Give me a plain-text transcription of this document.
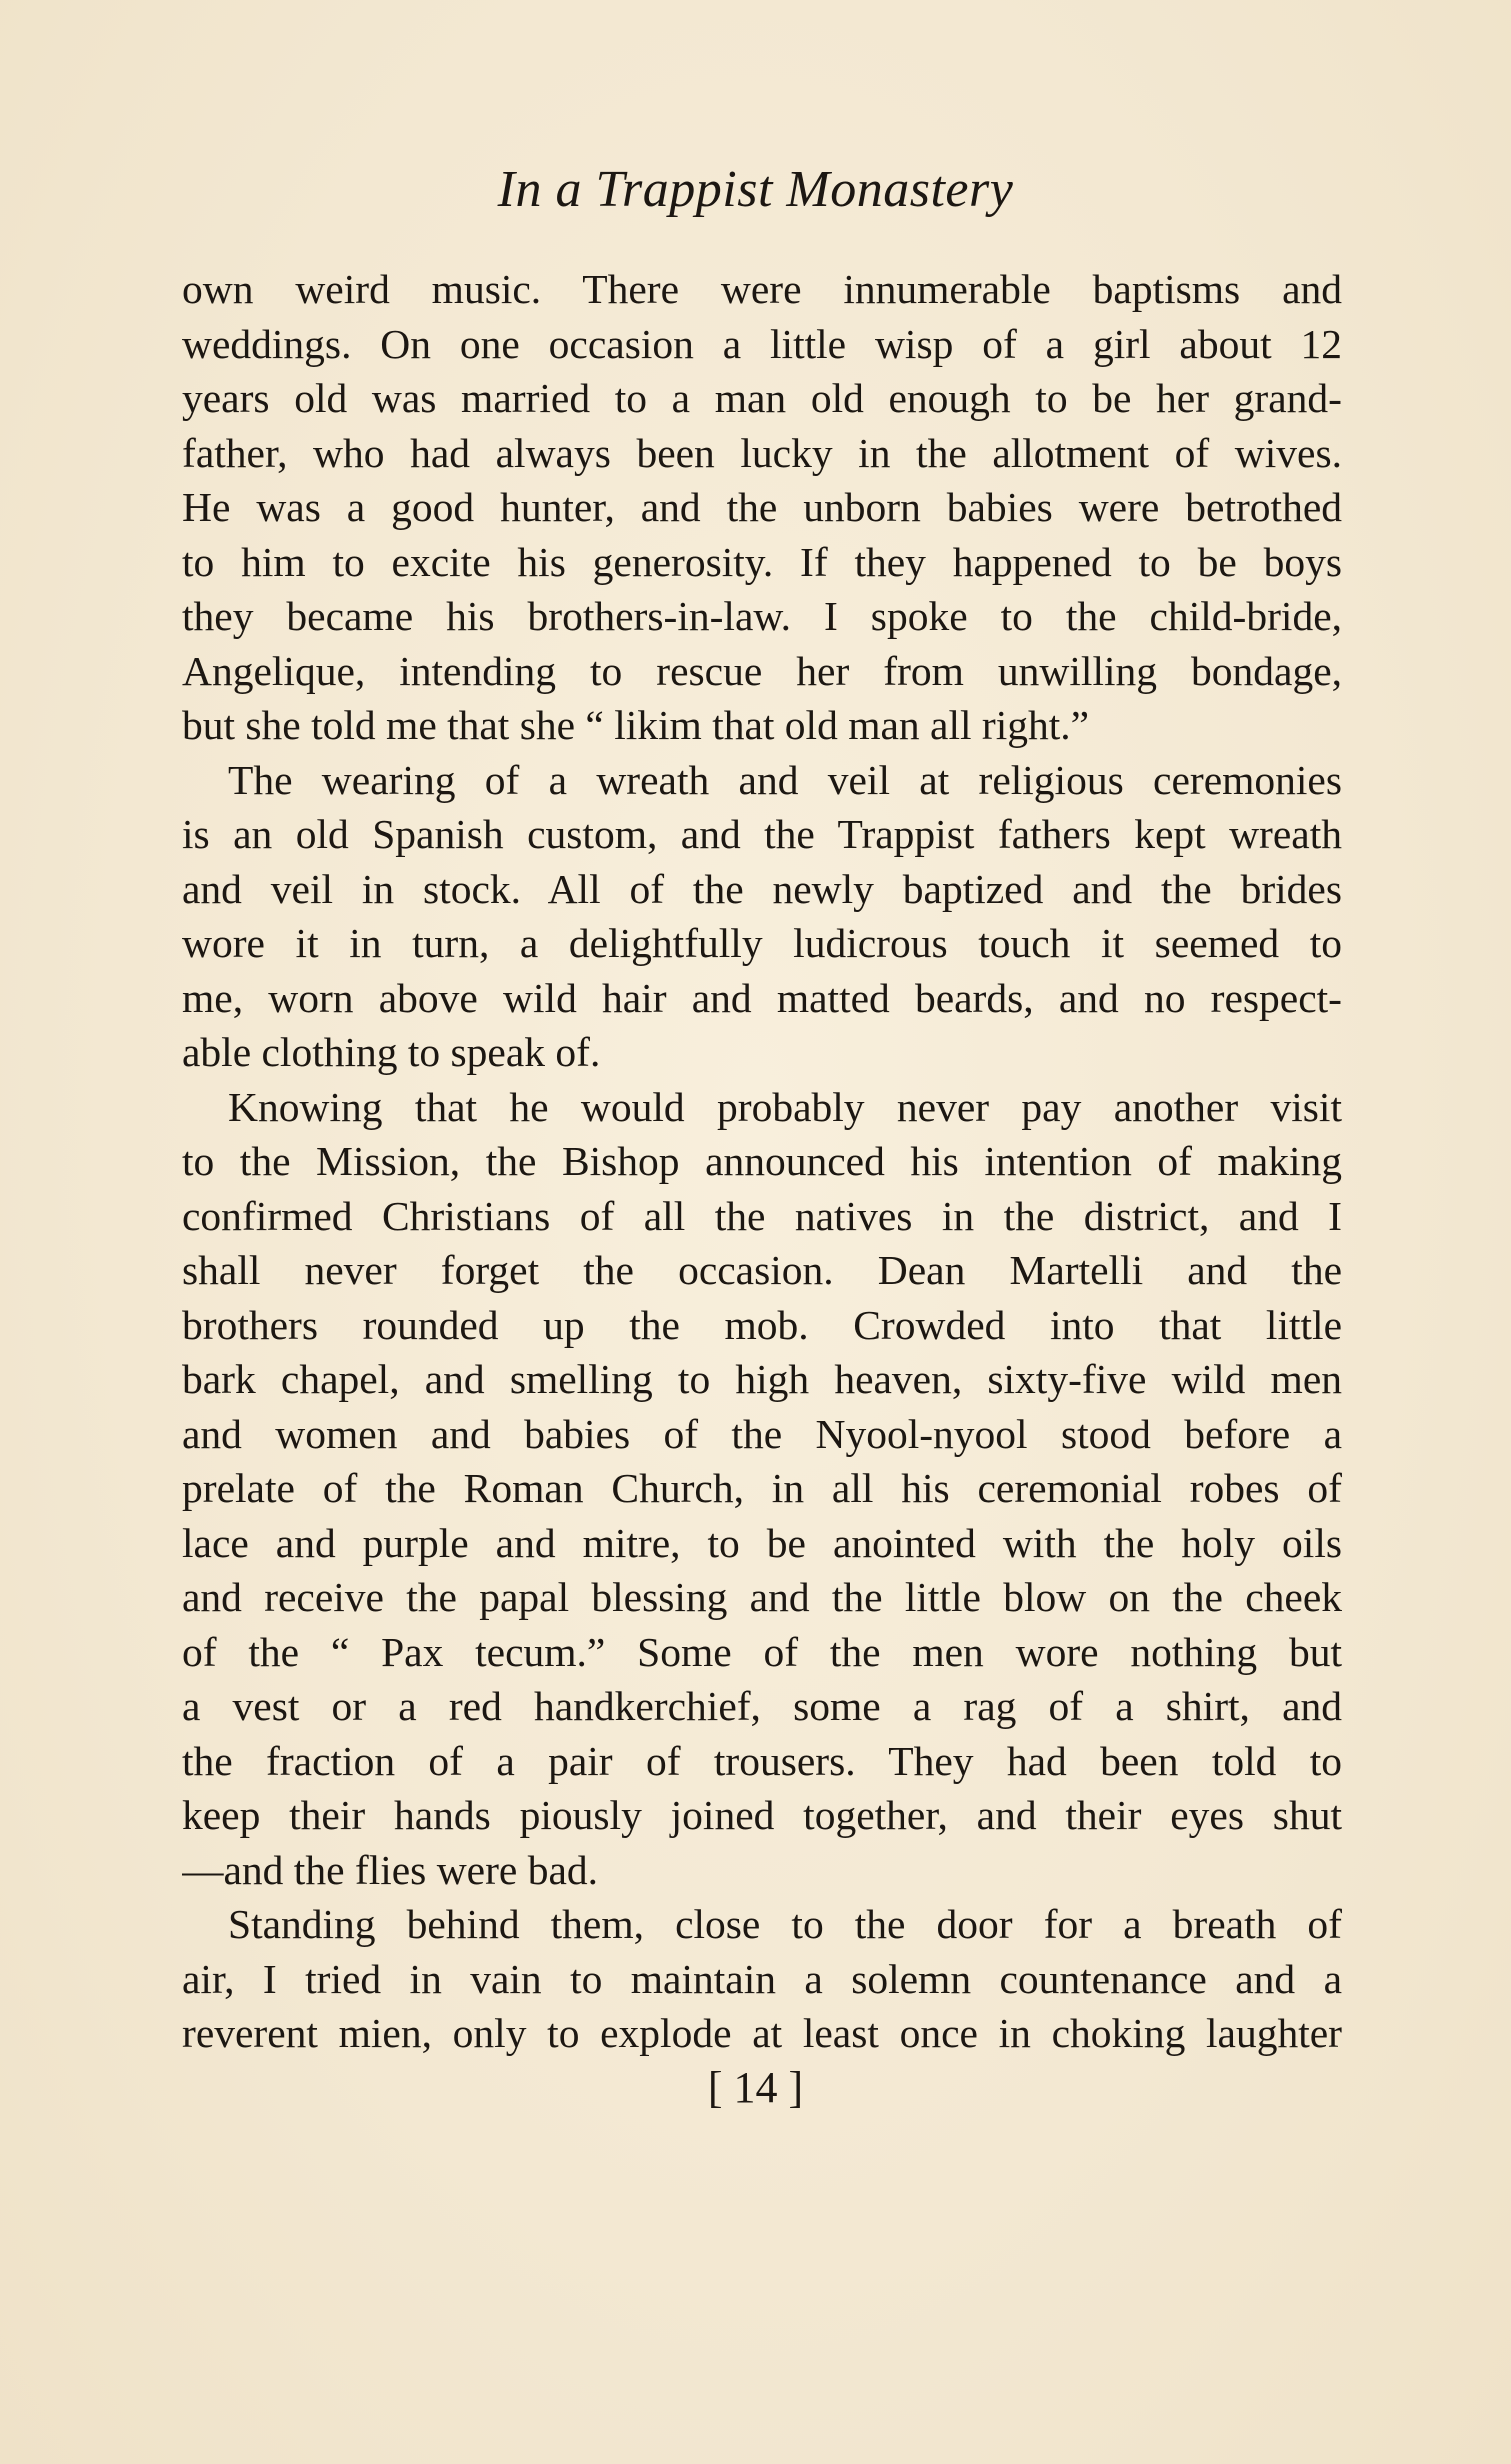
In a Trappist Monastery
own weird music. There were innumerable baptisms and
weddings. On one occasion a little wisp of a girl about 12
years old was married to a man old enough to be her grand-
father, who had always been lucky in the allotment of wives.
He was a good hunter, and the unborn babies were betrothed
to him to excite his generosity. If they happened to be boys
they became his brothers-in-law. I spoke to the child-bride,
Angelique, intending to rescue her from unwilling bondage,
but she told me that she “ likim that old man all right.”
The wearing of a wreath and veil at religious ceremonies
is an old Spanish custom, and the Trappist fathers kept wreath
and veil in stock. All of the newly baptized and the brides
wore it in turn, a delightfully ludicrous touch it seemed to
me, worn above wild hair and matted beards, and no respect-
able clothing to speak of.
Knowing that he would probably never pay another visit
to the Mission, the Bishop announced his intention of making
confirmed Christians of all the natives in the district, and I
shall never forget the occasion. Dean Martelli and the
brothers rounded up the mob. Crowded into that little
bark chapel, and smelling to high heaven, sixty-five wild men
and women and babies of the Nyool-nyool stood before a
prelate of the Roman Church, in all his ceremonial robes of
lace and purple and mitre, to be anointed with the holy oils
and receive the papal blessing and the little blow on the cheek
of the “ Pax tecum.” Some of the men wore nothing but
a vest or a red handkerchief, some a rag of a shirt, and
the fraction of a pair of trousers. They had been told to
keep their hands piously joined together, and their eyes shut
—and the flies were bad.
Standing behind them, close to the door for a breath of
air, I tried in vain to maintain a solemn countenance and a
reverent mien, only to explode at least once in choking laughter
[ 14 ]
